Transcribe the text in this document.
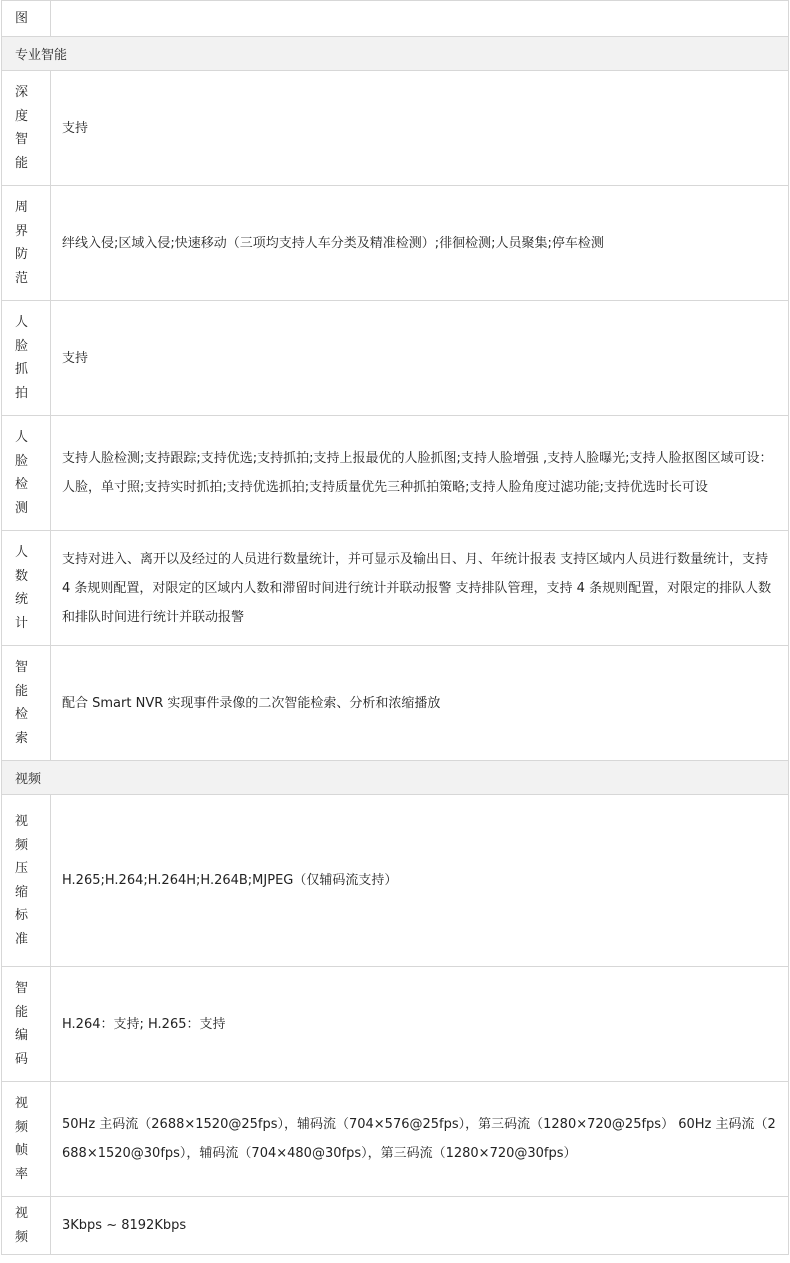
图	

专业智能	

深度智能	支持

周界防范	绊线入侵;区域入侵;快速移动（三项均支持人车分类及精准检测）;徘徊检测;人员聚集;停车检测

人脸抓拍	支持

人脸检测	支持人脸检测;支持跟踪;支持优选;支持抓拍;支持上报最优的人脸抓图;支持人脸增强 ,支持人脸曝光;支持人脸抠图区域可设：人脸，单寸照;支持实时抓拍;支持优选抓拍;支持质量优先三种抓拍策略;支持人脸角度过滤功能;支持优选时长可设

人数统计	支持对进入、离开以及经过的人员进行数量统计，并可显示及输出日、月、年统计报表 支持区域内人员进行数量统计，支持 4 条规则配置，对限定的区域内人数和滞留时间进行统计并联动报警 支持排队管理，支持 4 条规则配置，对限定的排队人数和排队时间进行统计并联动报警

智能检索	配合 Smart NVR 实现事件录像的二次智能检索、分析和浓缩播放
视频	

视频压缩标准	H.265;H.264;H.264H;H.264B;MJPEG（仅辅码流支持）

智能编码	H.264：支持; H.265：支持

视频帧率	50Hz 主码流（2688×1520@25fps），辅码流（704×576@25fps），第三码流（1280×720@25fps） 60Hz 主码流（2688×1520@30fps），辅码流（704×480@30fps），第三码流（1280×720@30fps）

视频	3Kbps ~ 8192Kbps
